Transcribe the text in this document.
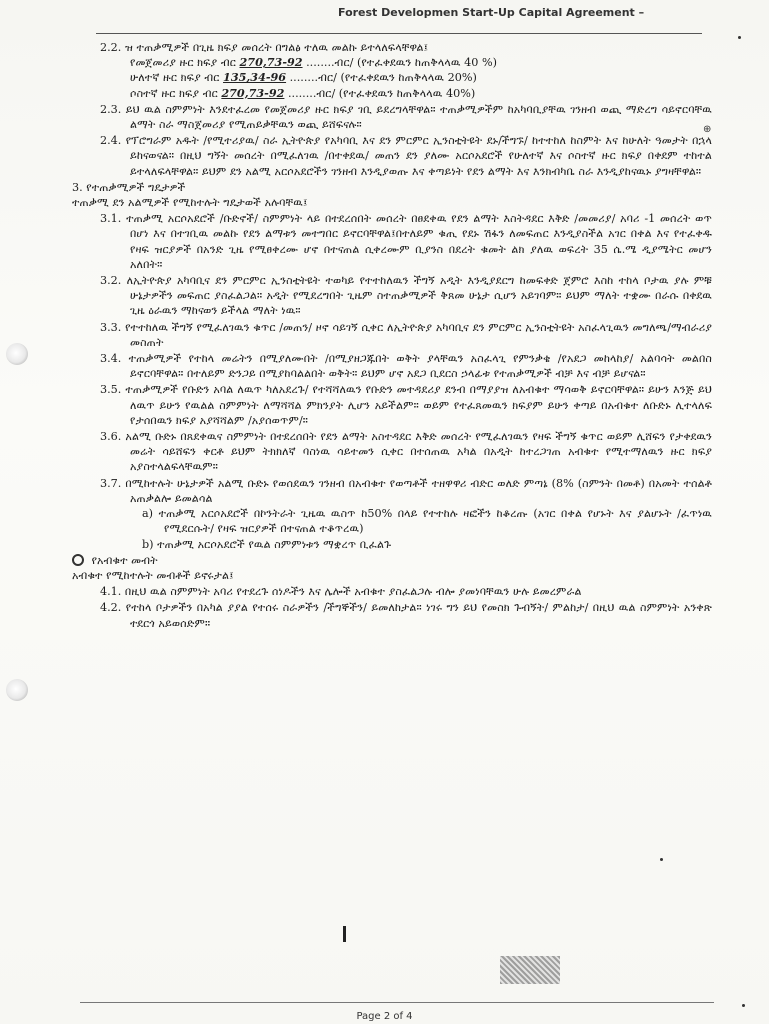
Forest Developmen Start-Up Capital Agreement –
⊕

2.2. ዝ ተጠቃሚዎች በጊዜ ክፍያ መሰረት በግልፅ ተለዉ መልኩ ይተላለፍላቸዋል፤

የመጀመሪያ ዙር ክፍያ ብር 270,73-92 ........ብር/ (የተፈቀደዉን ከጠቅላላዉ 40 %)

ሁለተኛ ዙር ክፍያ ብር 135,34-96 ........ብር/ (የተፈቀደዉን ከጠቅላላዉ 20%)

ሶስተኛ ዙር ክፍያ ብር 270,73-92 ........ብር/ (የተፈቀደዉን ከጠቅላላዉ 40%)

2.3. ይህ ዉል ስምምነት እንደተፈረመ የመጀመሪያ ዙር ክፍያ ገቢ ይደረግላቸዋል። ተጠቃሚዎችም ከአካባቢያቸዉ ገንዘብ ወጪ ማድረግ ሳይኖርባቸዉ ልማት ስራ ማስጀመሪያ የሚጠይቃቸዉን ወጪ ይሸፍናሉ።

2.4. የፕሮግራም አዱት /የሚተሪያዉ/ ስራ ኢትዮጵያ የአካባቢ እና ደን ምርምር ኢንስቲትዩት ደኑ/ችግኙ/ ከተተከለ ከስምት እና ከሁለት ዓመታት በኋላ ይከናወናል። በዚህ ግኝት መሰረት በሚፈለገዉ /በተቀደዉ/ መጠን ደን ያለሙ አርሶአደሮች የሁለተኛ እና ሶስተኛ ዙር ክፍያ በቀደም ተከተል ይተላለፍላቸዋል። ይህም ደን አልሚ አርሶአደሮችን ገንዘብ እንዲያወጡ እና ቀጣይነት የደን ልማት እና እንክብካቤ ስራ እንዲያከናዉኑ ያግዛቸዋል።

3. የተጠቃሚዎች ግዴታዎች

ተጠቃሚ ደን አልሚዎች የሚከተሉት ግዴታወች አሉባቸዉ፤

3.1. ተጠቃሚ አርሶአደሮች /ቡድኖች/ ስምምነት ላይ በተደረሰበት መሰረት በፀደቀዉ የደን ልማት እስትዳደር እቅድ /መመሪያ/ አባሪ -1 መሰረት ወጥ በሆነ እና በተገቢዉ መልኩ የደን ልማቱን መተግበር ይኖርባቸዋል፤በተለይም ቁጢ የደኑ ሽፋን ለመፍጠር እንዲያስችል አገር በቀል እና የተፈቀዱ የዛፍ ዝርያዎች በአንድ ጊዜ የሚፀቀረሙ ሆኖ በተናጠል ሲቀረሙም ቢያንስ በደረት ቁመት ልክ ያለዉ ወፍረት 35 ሴ.ሜ ዲያሜትር መሆን አለበት።

3.2. ለኢትዮጵያ አካባቢና ደን ምርምር ኢንስቲትዩት ተወካይ የተተከለዉን ችግኝ አዲት እንዲያደርግ ከመፍቀድ ጀምሮ እስከ ተከላ ቦታዉ ያሉ ምቹ ሁኔታዎችን መፍጠር ያስፈልጋል። አዲት የሚደረግበት ጊዜም ስተጠቃሚዎች ቅጸመ ሁኔታ ሲሆን አይገባም። ይህም ማለት ተቋሙ በራሱ በቀደዉ ጊዜ ዕራዉን ማከናወን ይችላል ማለት ነዉ።

3.3. የተተከለዉ ችግኝ የሚፈለገዉን ቁጥር /መጠን/ ዞኖ ሳይገኝ ሲቀር ለኢትዮጵያ አካባቢና ደን ምርምር ኢንስቲትዩት አስፈላጊዉን መግለጫ/ማብራሪያ መስጠት

3.4. ተጠቃሚዎች የተከላ መሬትን በሚያለሙበት /በሚያዘጋጁበት ወቅት ያላቸዉን አስፈላጊ የምንቃቄ /የአደጋ መከላከያ/ አልባሳት መልበስ ይኖርባቸዋል። በተለይም ድንጋይ በሚያከባልልበት ወቅት። ይህም ሆኖ አደጋ ቢደርስ ኃላፊቱ የተጠቃሚዎች ብቻ እና ብቻ ይሆናል።

3.5. ተጠቃሚዎች የቡድን አባል ለዉጥ ካለአደረጉ/ የተሻሻለዉን የቡድን መተዳደሪያ ደንብ በማያያዝ ለአብቁተ ማሳወቅ ይኖርባቸዋል። ይሁን እንጅ ይህ ለዉጥ ይሁን የዉልል ስምምነት ለማሻሻል ምክንያት ሊሆን አይችልም። ወይም የተፈጸመዉን ክፍያም ይሁን ቀጣይ በአብቁተ ለቡድኑ ሊተላለፍ የታሰበዉን ክፍያ አያሻሻልም /አያሰወጥም/።

3.6. አልሚ ቡድኑ በጸደቀዉና ስምምነት በተደረሰበት የደን ልማት አስተዳደር እቅድ መሰረት የሚፈለገዉን የዛፍ ችግኝ ቁጥር ወይም ሊሸፍን የታቀደዉን መሬት ሳይሸፍን ቀርቶ ይህም ትክክለኛ ባስነዉ ሳይተመን ሲቀር በተሰጠዉ አካል በአዲት ከተረጋገጠ አብቁተ የሚተማለዉን ዙር ክፍያ አያስተላልፍላቸዉም።

3.7. በሚከተሉት ሁኔታዎች አልሚ ቡድኑ የወሰደዉን ገንዘብ በአብቁተ የወጣቶች ተዘዋዋሪ ብድር ወለድ ምጣኔ (8% (ስምንት በመቶ) በአመት ተሰልቶ አጠቃልሎ ይመልሳል

a) ተጠቃሚ አርሶአደሮች በኮንትራት ጊዜዉ ዉስጥ ከ50% በላይ የተተከሉ ዛፎችን ከቆረጡ (አገር በቀል የሆኑት እና ያልሆኑት /ፈጥነዉ የሚደርሱት/ የዛፍ ዝርያዎች በተናጠል ተቆጥረዉ)

b) ተጠቃሚ አርሶአደሮች የዉል ስምምነቱን ማቋረጥ ቢፈልጉ

የአብቁተ መብት

አብቁተ የሚከተሉት መብቶች ይኖሩታል፤

4.1. በዚህ ዉል ስምምነት አባሪ የተደረጉ ሰነዶችን እና ሌሎች አብቁተ ያስፈልጋሉ ብሎ ያመነባቸዉን ሁሉ ይመረምራል

4.2. የተከላ ቦታዎችን በአካል ያያል የተሰሩ ስራዎችን /ችግኞችን/ ይመለከታል። ነገሩ ግን ይህ የመስክ ጉብኝት/ ምልከታ/ በዚህ ዉል ስምምነት አንቀጽ ተደርጎ አይወሰድም።

Page 2 of 4
